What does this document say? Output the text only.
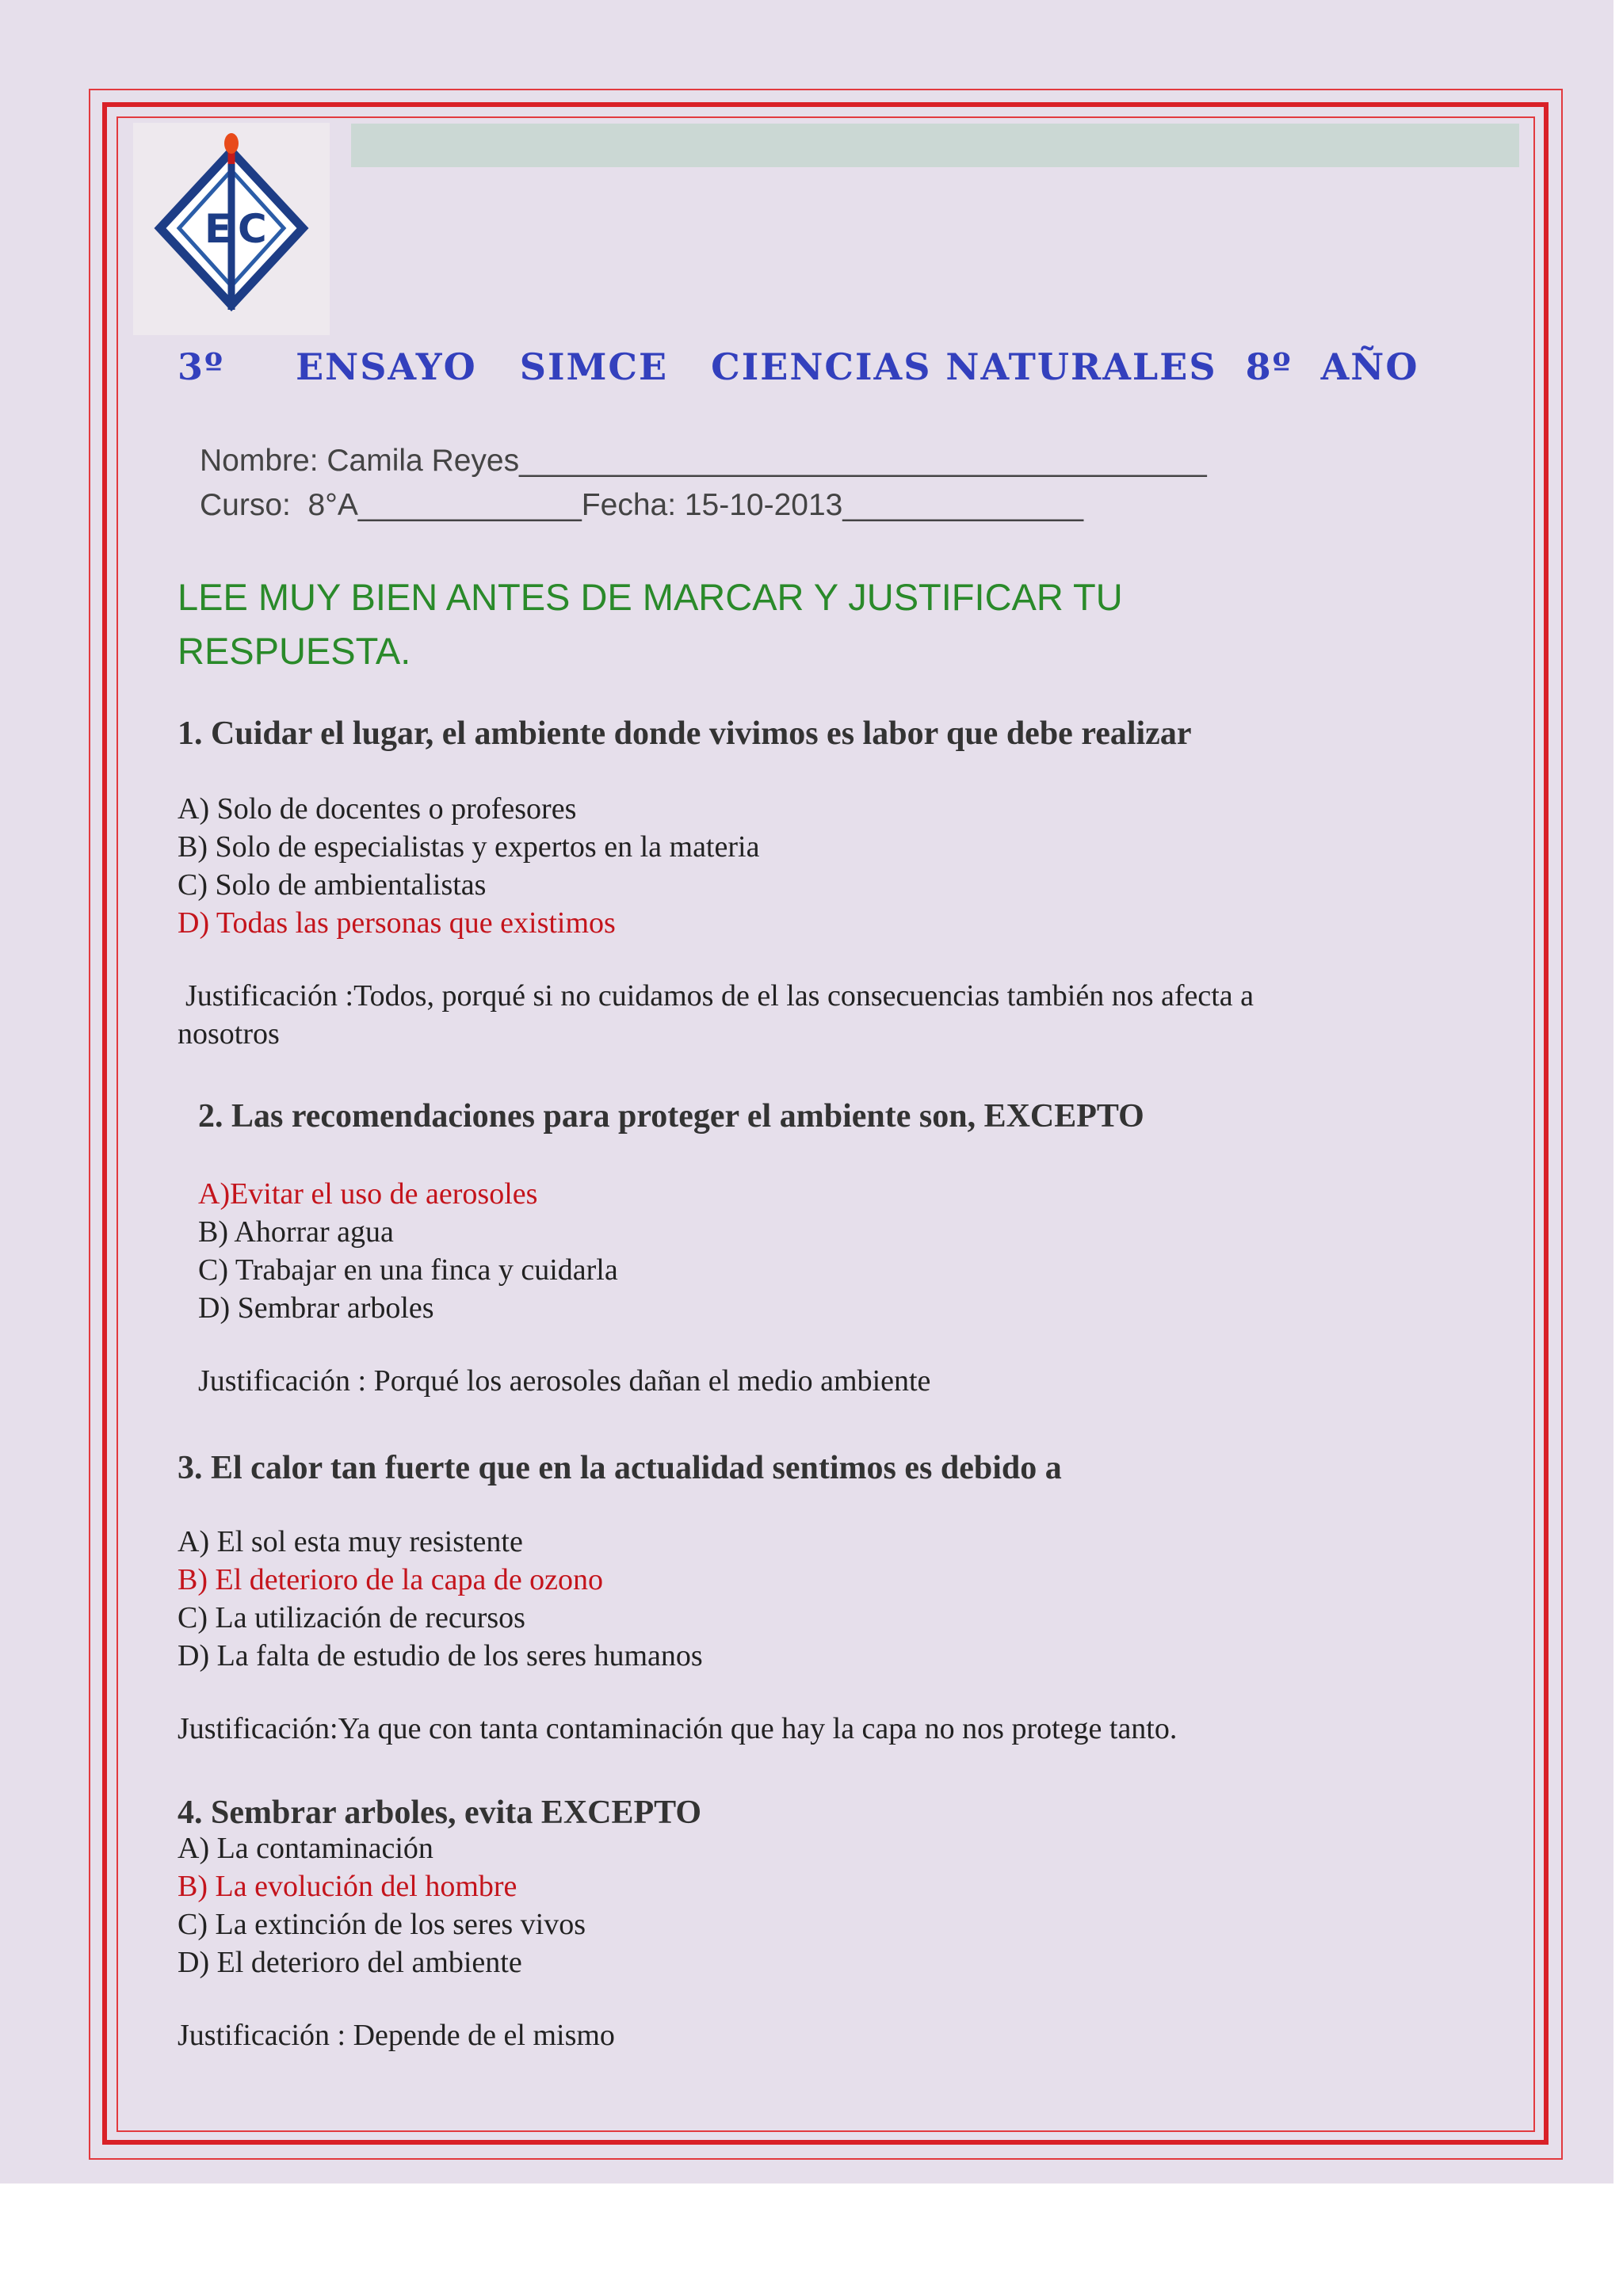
E C
3º     ENSAYO   SIMCE   CIENCIAS NATURALES  8º  AÑO
Nombre: Camila Reyes________________________________________
Curso:  8°A_____________Fecha: 15-10-2013______________
LEE MUY BIEN ANTES DE MARCAR Y JUSTIFICAR TU RESPUESTA.
1. Cuidar el lugar, el ambiente donde vivimos es labor que debe realizar
A) Solo de docentes o profesores
B) Solo de especialistas y expertos en la materia
C) Solo de ambientalistas
D) Todas las personas que existimos
Justificación :Todos, porqué si no cuidamos de el las consecuencias también nos afecta a nosotros
2. Las recomendaciones para proteger el ambiente son, EXCEPTO
A)Evitar el uso de aerosoles
B) Ahorrar agua
C) Trabajar en una finca y cuidarla
D) Sembrar arboles
Justificación : Porqué los aerosoles dañan el medio ambiente
3. El calor tan fuerte que en la actualidad sentimos es debido a
A) El sol esta muy resistente
B) El deterioro de la capa de ozono
C) La utilización de recursos
D) La falta de estudio de los seres humanos
Justificación:Ya que con tanta contaminación que hay la capa no nos protege tanto.
4. Sembrar arboles, evita EXCEPTO
A) La contaminación
B) La evolución del hombre
C) La extinción de los seres vivos
D) El deterioro del ambiente
Justificación : Depende de el mismo
